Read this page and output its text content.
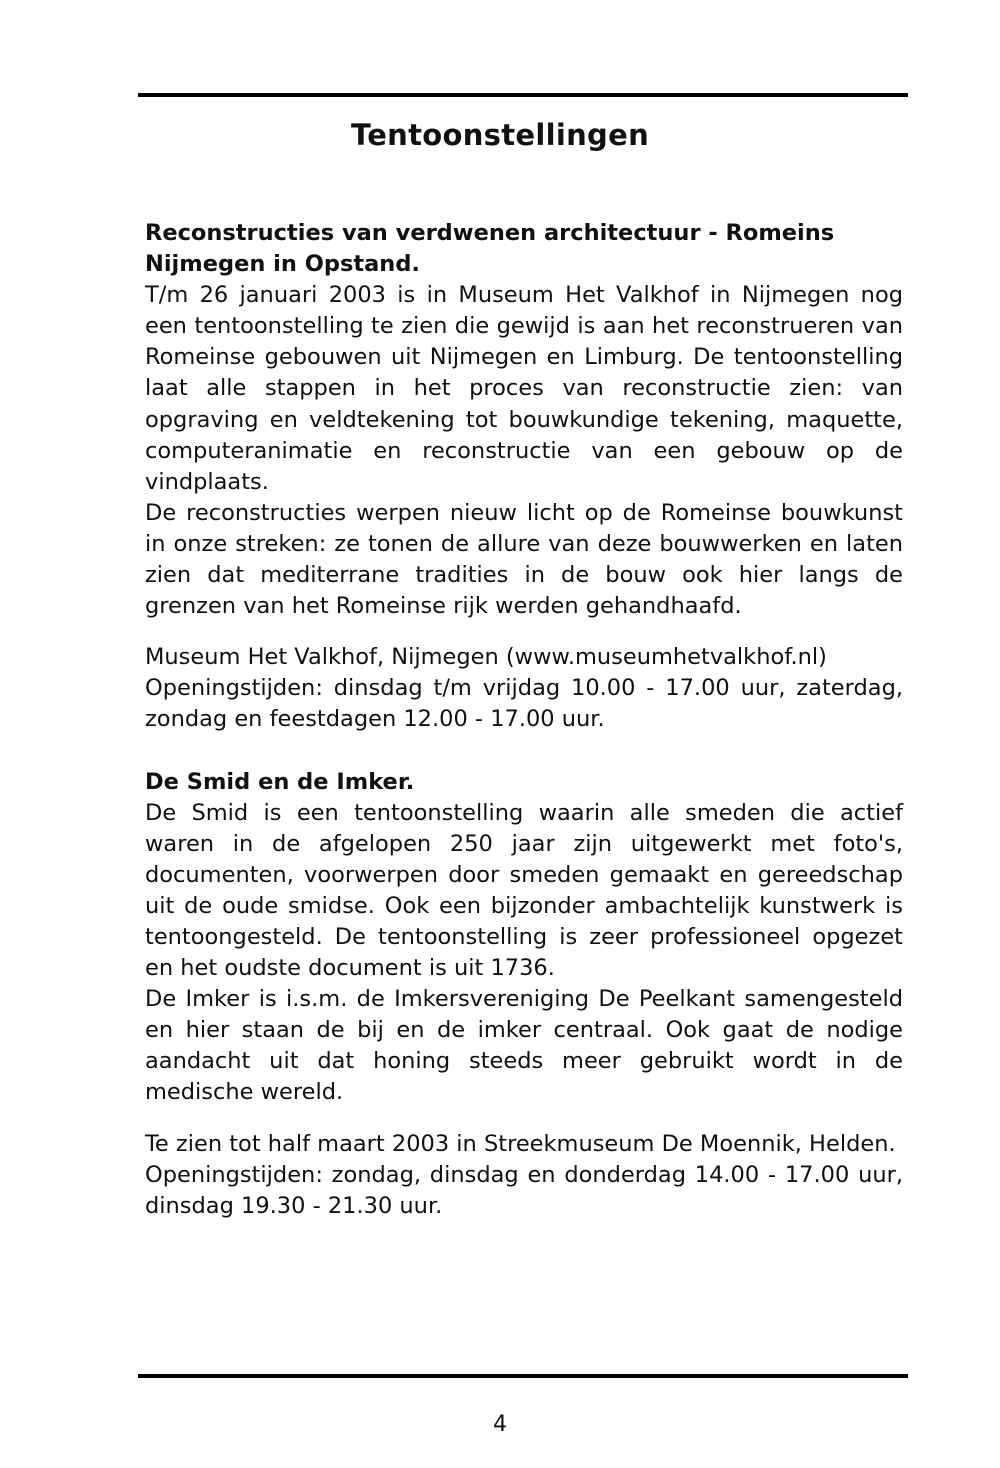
Tentoonstellingen

Reconstructies van verdwenen architectuur - Romeins Nijmegen in Opstand.

T/m 26 januari 2003 is in Museum Het Valkhof in Nijmegen nog een tentoonstelling te zien die gewijd is aan het reconstrueren van Romeinse gebouwen uit Nijmegen en Limburg. De tentoonstelling laat alle stappen in het proces van reconstructie zien: van opgraving en veldtekening tot bouwkundige tekening, maquette, computeranimatie en reconstructie van een gebouw op de vindplaats.

De reconstructies werpen nieuw licht op de Romeinse bouwkunst in onze streken: ze tonen de allure van deze bouwwerken en laten zien dat mediterrane tradities in de bouw ook hier langs de grenzen van het Romeinse rijk werden gehandhaafd.

Museum Het Valkhof, Nijmegen (www.museumhetvalkhof.nl)

Openingstijden: dinsdag t/m vrijdag 10.00 - 17.00 uur, zaterdag, zondag en feestdagen 12.00 - 17.00 uur.

De Smid en de Imker.

De Smid is een tentoonstelling waarin alle smeden die actief waren in de afgelopen 250 jaar zijn uitgewerkt met foto's, documenten, voorwerpen door smeden gemaakt en gereedschap uit de oude smidse. Ook een bijzonder ambachtelijk kunstwerk is tentoongesteld. De tentoonstelling is zeer professioneel opgezet en het oudste document is uit 1736.

De Imker is i.s.m. de Imkersvereniging De Peelkant samengesteld en hier staan de bij en de imker centraal. Ook gaat de nodige aandacht uit dat honing steeds meer gebruikt wordt in de medische wereld.

Te zien tot half maart 2003 in Streekmuseum De Moennik, Helden.

Openingstijden: zondag, dinsdag en donderdag 14.00 - 17.00 uur, dinsdag 19.30 - 21.30 uur.

4
